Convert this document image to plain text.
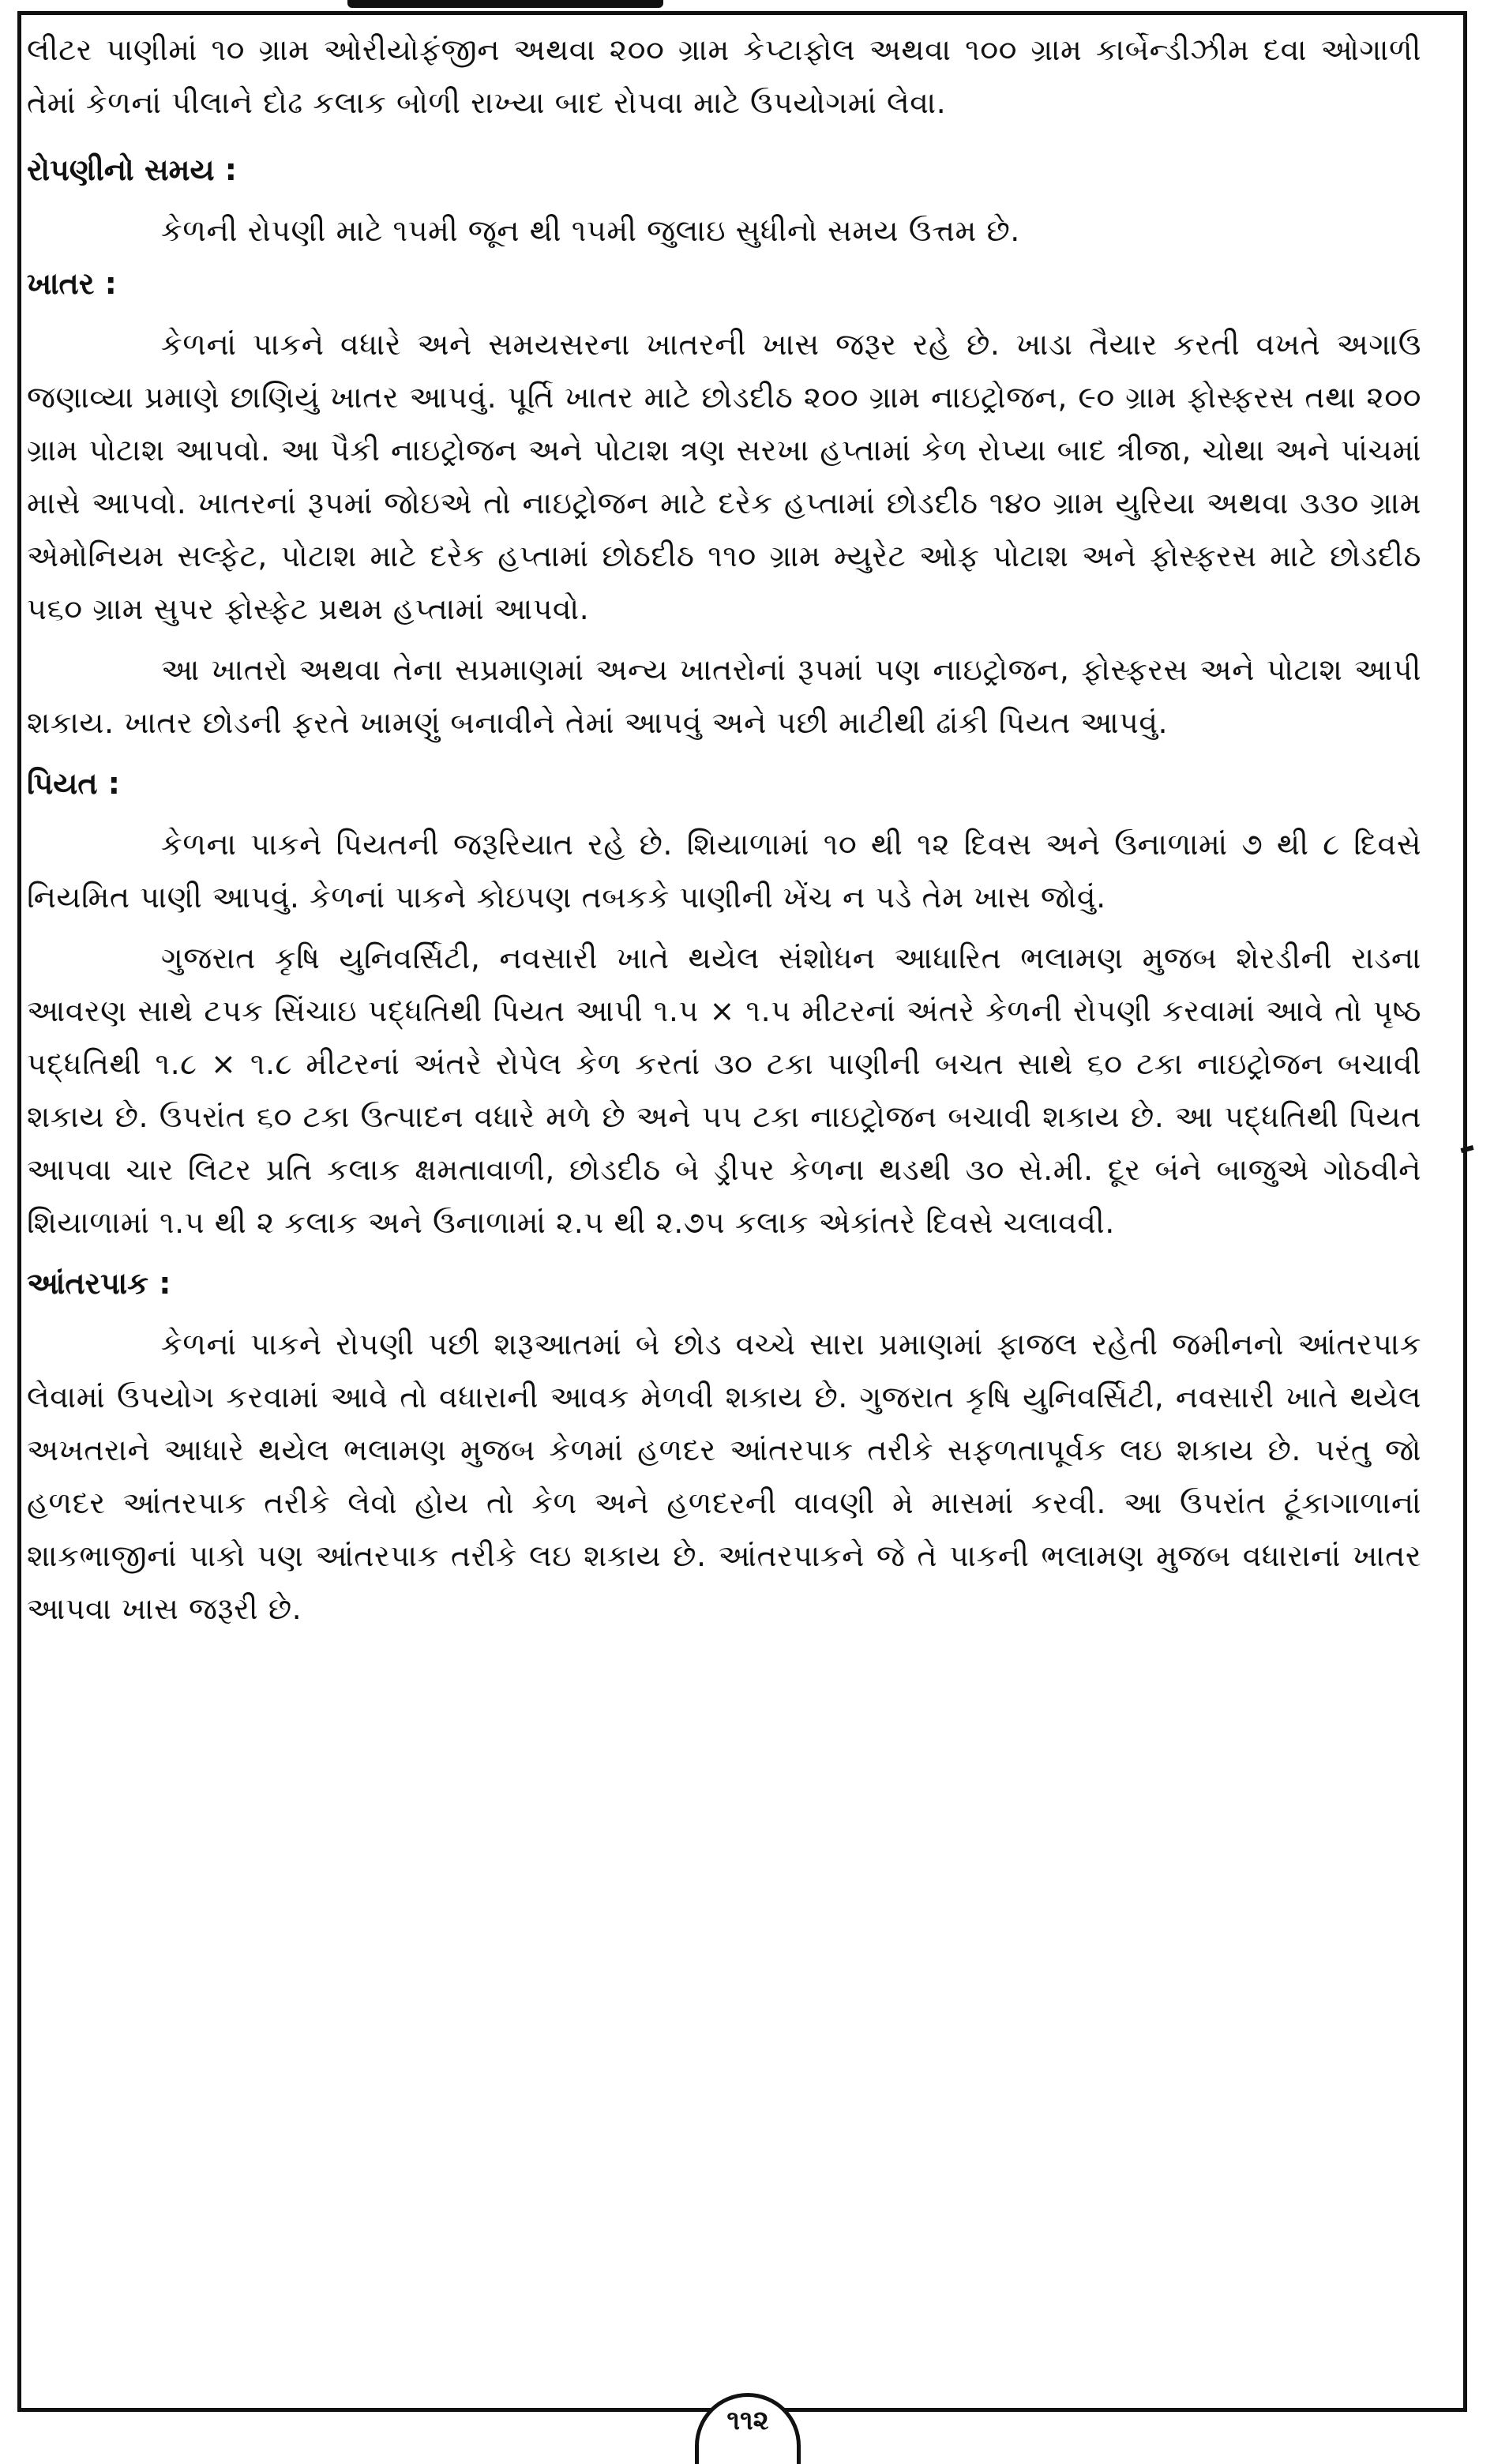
લીટર પાણીમાં ૧૦ ગ્રામ ઓરીયોફંજીન અથવા ૨૦૦ ગ્રામ કેપ્ટાફોલ અથવા ૧૦૦ ગ્રામ કાર્બેન્ડીઝીમ દવા ઓગાળી તેમાં કેળનાં પીલાને દોઢ કલાક બોળી રાખ્યા બાદ રોપવા માટે ઉપયોગમાં લેવા.

રોપણીનો સમય :

કેળની રોપણી માટે ૧૫મી જૂન થી ૧૫મી જુલાઇ સુધીનો સમય ઉત્તમ છે.

ખાતર :

કેળનાં પાકને વધારે અને સમયસરના ખાતરની ખાસ જરૂર રહે છે. ખાડા તૈયાર કરતી વખતે અગાઉ જણાવ્યા પ્રમાણે છાણિયું ખાતર આપવું. પૂર્તિ ખાતર માટે છોડદીઠ ૨૦૦ ગ્રામ નાઇટ્રોજન, ૯૦ ગ્રામ ફોસ્ફરસ તથા ૨૦૦ ગ્રામ પોટાશ આપવો. આ પૈકી નાઇટ્રોજન અને પોટાશ ત્રણ સરખા હપ્તામાં કેળ રોપ્યા બાદ ત્રીજા, ચોથા અને પાંચમાં માસે આપવો. ખાતરનાં રૂપમાં જોઇએ તો નાઇટ્રોજન માટે દરેક હપ્તામાં છોડદીઠ ૧૪૦ ગ્રામ યુરિયા અથવા ૩૩૦ ગ્રામ એમોનિયમ સલ્ફેટ, પોટાશ માટે દરેક હપ્તામાં છોઠદીઠ ૧૧૦ ગ્રામ મ્યુરેટ ઓફ પોટાશ અને ફોસ્ફરસ માટે છોડદીઠ ૫૬૦ ગ્રામ સુપર ફોસ્ફેટ પ્રથમ હપ્તામાં આપવો.

આ ખાતરો અથવા તેના સપ્રમાણમાં અન્ય ખાતરોનાં રૂપમાં પણ નાઇટ્રોજન, ફોસ્ફરસ અને પોટાશ આપી શકાય. ખાતર છોડની ફરતે ખામણું બનાવીને તેમાં આપવું અને પછી માટીથી ઢાંકી પિયત આપવું.

પિયત :

કેળના પાકને પિયતની જરૂરિયાત રહે છે. શિયાળામાં ૧૦ થી ૧૨ દિવસ અને ઉનાળામાં ૭ થી ૮ દિવસે નિયમિત પાણી આપવું. કેળનાં પાકને કોઇપણ તબકકે પાણીની ખેંચ ન પડે તેમ ખાસ જોવું.

ગુજરાત કૃષિ યુનિવર્સિટી, નવસારી ખાતે થયેલ સંશોધન આધારિત ભલામણ મુજબ શેરડીની રાડના આવરણ સાથે ટપક સિંચાઇ પદ્ધતિથી પિયત આપી ૧.૫ × ૧.૫ મીટરનાં અંતરે કેળની રોપણી કરવામાં આવે તો પૃષ્ઠ પદ્ધતિથી ૧.૮ × ૧.૮ મીટરનાં અંતરે રોપેલ કેળ કરતાં ૩૦ ટકા પાણીની બચત સાથે ૬૦ ટકા નાઇટ્રોજન બચાવી શકાય છે. ઉપરાંત ૬૦ ટકા ઉત્પાદન વધારે મળે છે અને ૫૫ ટકા નાઇટ્રોજન બચાવી શકાય છે. આ પદ્ધતિથી પિયત આપવા ચાર લિટર પ્રતિ કલાક ક્ષમતાવાળી, છોડદીઠ બે ડ્રીપર કેળના થડથી ૩૦ સે.મી. દૂર બંને બાજુએ ગોઠવીને શિયાળામાં ૧.૫ થી ૨ કલાક અને ઉનાળામાં ૨.૫ થી ૨.૭૫ કલાક એકાંતરે દિવસે ચલાવવી.

આંતરપાક :

કેળનાં પાકને રોપણી પછી શરૂઆતમાં બે છોડ વચ્ચે સારા પ્રમાણમાં ફાજલ રહેતી જમીનનો આંતરપાક લેવામાં ઉપયોગ કરવામાં આવે તો વધારાની આવક મેળવી શકાય છે. ગુજરાત કૃષિ યુનિવર્સિટી, નવસારી ખાતે થયેલ અખતરાને આધારે થયેલ ભલામણ મુજબ કેળમાં હળદર આંતરપાક તરીકે સફળતાપૂર્વક લઇ શકાય છે. પરંતુ જો હળદર આંતરપાક તરીકે લેવો હોય તો કેળ અને હળદરની વાવણી મે માસમાં કરવી. આ ઉપરાંત ટૂંકાગાળાનાં શાકભાજીનાં પાકો પણ આંતરપાક તરીકે લઇ શકાય છે. આંતરપાકને જે તે પાકની ભલામણ મુજબ વધારાનાં ખાતર આપવા ખાસ જરૂરી છે.

૧૧૨
